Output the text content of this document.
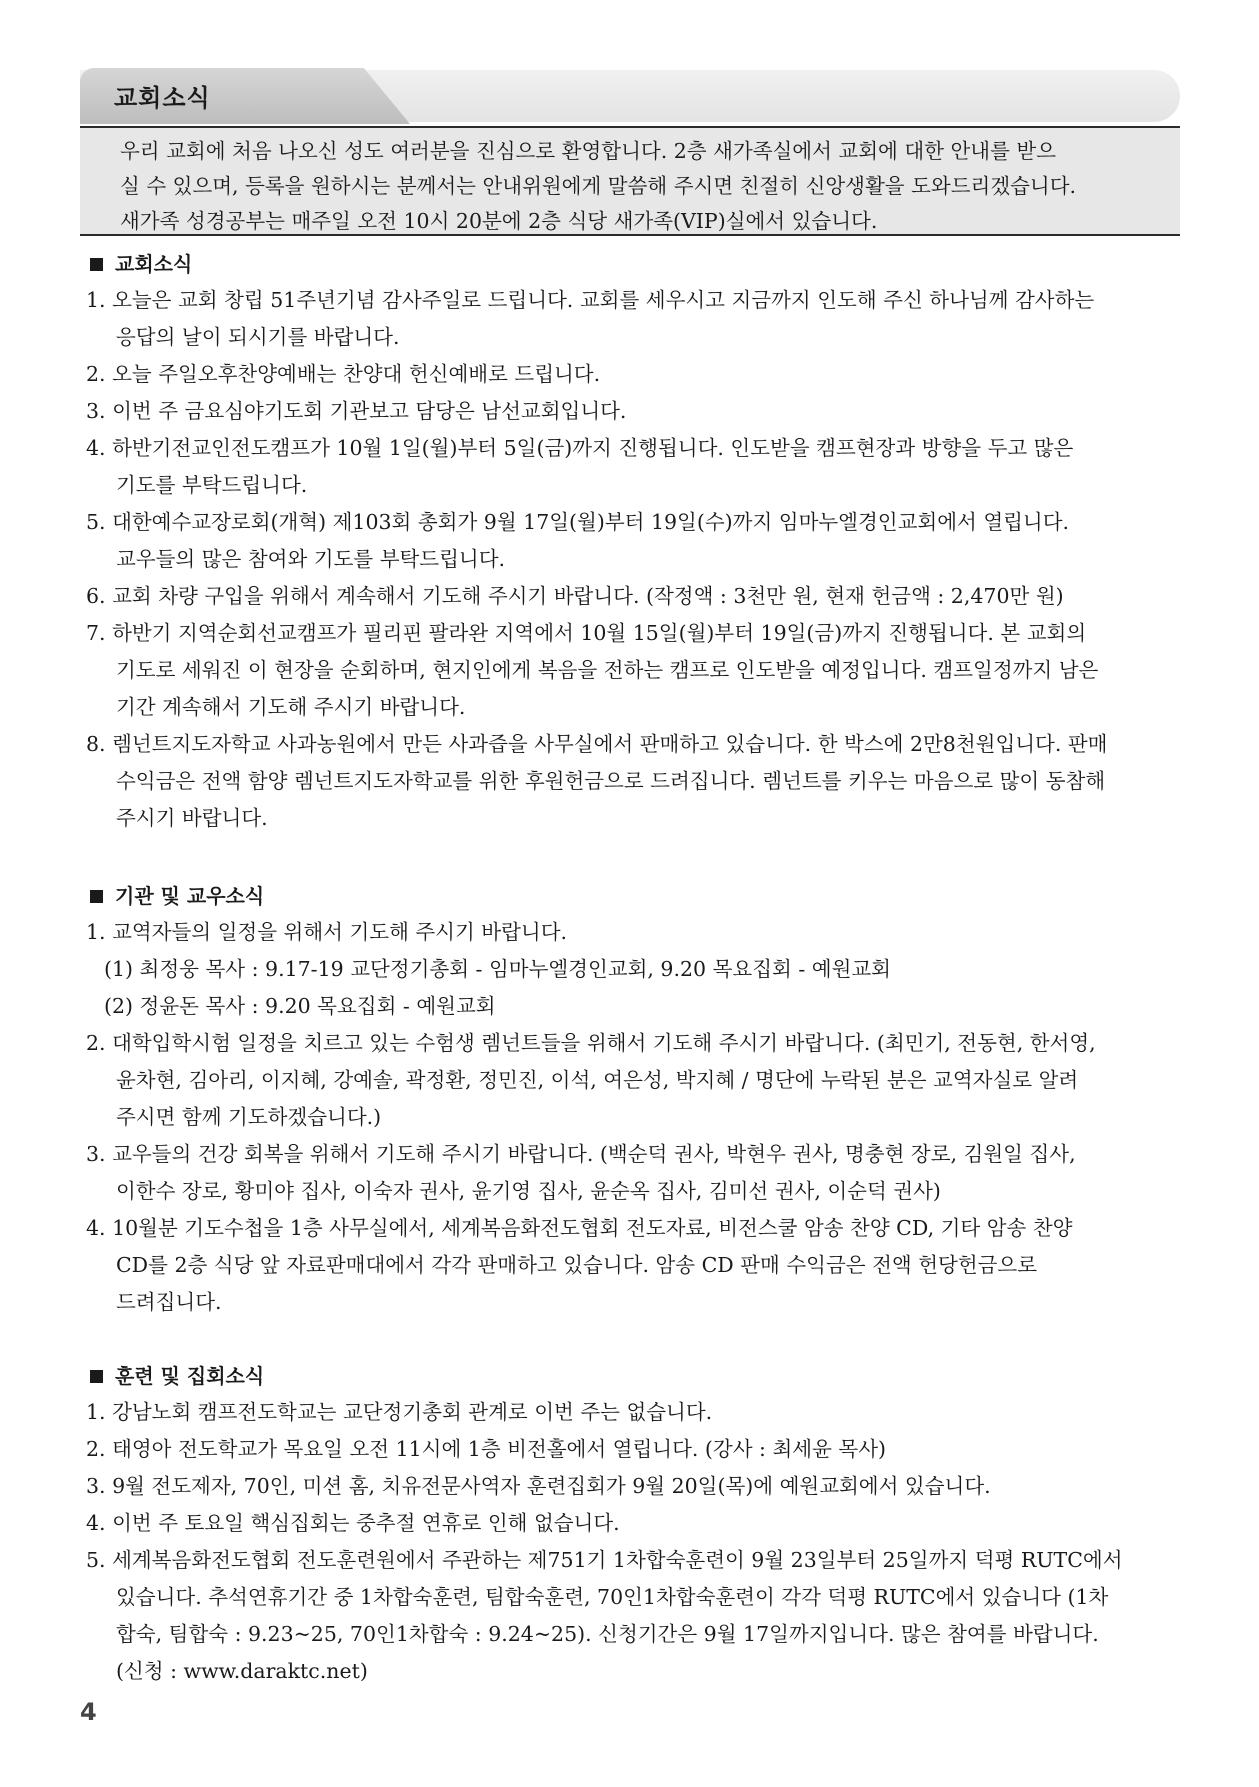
교회소식

우리 교회에 처음 나오신 성도 여러분을 진심으로 환영합니다. 2층 새가족실에서 교회에 대한 안내를 받으

실 수 있으며, 등록을 원하시는 분께서는 안내위원에게 말씀해 주시면 친절히 신앙생활을 도와드리겠습니다.

새가족 성경공부는 매주일 오전 10시 20분에 2층 식당 새가족(VIP)실에서 있습니다.

교회소식
1. 오늘은 교회 창립 51주년기념 감사주일로 드립니다. 교회를 세우시고 지금까지 인도해 주신 하나님께 감사하는
응답의 날이 되시기를 바랍니다.
2. 오늘 주일오후찬양예배는 찬양대 헌신예배로 드립니다.
3. 이번 주 금요심야기도회 기관보고 담당은 남선교회입니다.
4. 하반기전교인전도캠프가 10월 1일(월)부터 5일(금)까지 진행됩니다. 인도받을 캠프현장과 방향을 두고 많은
기도를 부탁드립니다.
5. 대한예수교장로회(개혁) 제103회 총회가 9월 17일(월)부터 19일(수)까지 임마누엘경인교회에서 열립니다.
교우들의 많은 참여와 기도를 부탁드립니다.
6. 교회 차량 구입을 위해서 계속해서 기도해 주시기 바랍니다. (작정액 : 3천만 원, 현재 헌금액 : 2,470만 원)
7. 하반기 지역순회선교캠프가 필리핀 팔라완 지역에서 10월 15일(월)부터 19일(금)까지 진행됩니다. 본 교회의
기도로 세워진 이 현장을 순회하며, 현지인에게 복음을 전하는 캠프로 인도받을 예정입니다. 캠프일정까지 남은
기간 계속해서 기도해 주시기 바랍니다.
8. 렘넌트지도자학교 사과농원에서 만든 사과즙을 사무실에서 판매하고 있습니다. 한 박스에 2만8천원입니다. 판매
수익금은 전액 함양 렘넌트지도자학교를 위한 후원헌금으로 드려집니다. 렘넌트를 키우는 마음으로 많이 동참해
주시기 바랍니다.
기관 및 교우소식
1. 교역자들의 일정을 위해서 기도해 주시기 바랍니다.
(1) 최정웅 목사 : 9.17-19 교단정기총회 - 임마누엘경인교회, 9.20 목요집회 - 예원교회
(2) 정윤돈 목사 : 9.20 목요집회 - 예원교회
2. 대학입학시험 일정을 치르고 있는 수험생 렘넌트들을 위해서 기도해 주시기 바랍니다. (최민기, 전동현, 한서영,
윤차현, 김아리, 이지혜, 강예솔, 곽정환, 정민진, 이석, 여은성, 박지혜 / 명단에 누락된 분은 교역자실로 알려
주시면 함께 기도하겠습니다.)
3. 교우들의 건강 회복을 위해서 기도해 주시기 바랍니다. (백순덕 권사, 박현우 권사, 명충현 장로, 김원일 집사,
이한수 장로, 황미야 집사, 이숙자 권사, 윤기영 집사, 윤순옥 집사, 김미선 권사, 이순덕 권사)
4. 10월분 기도수첩을 1층 사무실에서, 세계복음화전도협회 전도자료, 비전스쿨 암송 찬양 CD, 기타 암송 찬양
CD를 2층 식당 앞 자료판매대에서 각각 판매하고 있습니다. 암송 CD 판매 수익금은 전액 헌당헌금으로
드려집니다.
훈련 및 집회소식
1. 강남노회 캠프전도학교는 교단정기총회 관계로 이번 주는 없습니다.
2. 태영아 전도학교가 목요일 오전 11시에 1층 비전홀에서 열립니다. (강사 : 최세윤 목사)
3. 9월 전도제자, 70인, 미션 홈, 치유전문사역자 훈련집회가 9월 20일(목)에 예원교회에서 있습니다.
4. 이번 주 토요일 핵심집회는 중추절 연휴로 인해 없습니다.
5. 세계복음화전도협회 전도훈련원에서 주관하는 제751기 1차합숙훈련이 9월 23일부터 25일까지 덕평 RUTC에서
있습니다. 추석연휴기간 중 1차합숙훈련, 팀합숙훈련, 70인1차합숙훈련이 각각 덕평 RUTC에서 있습니다 (1차
합숙, 팀합숙 : 9.23~25, 70인1차합숙 : 9.24~25). 신청기간은 9월 17일까지입니다. 많은 참여를 바랍니다.
(신청 : www.daraktc.net)
4
